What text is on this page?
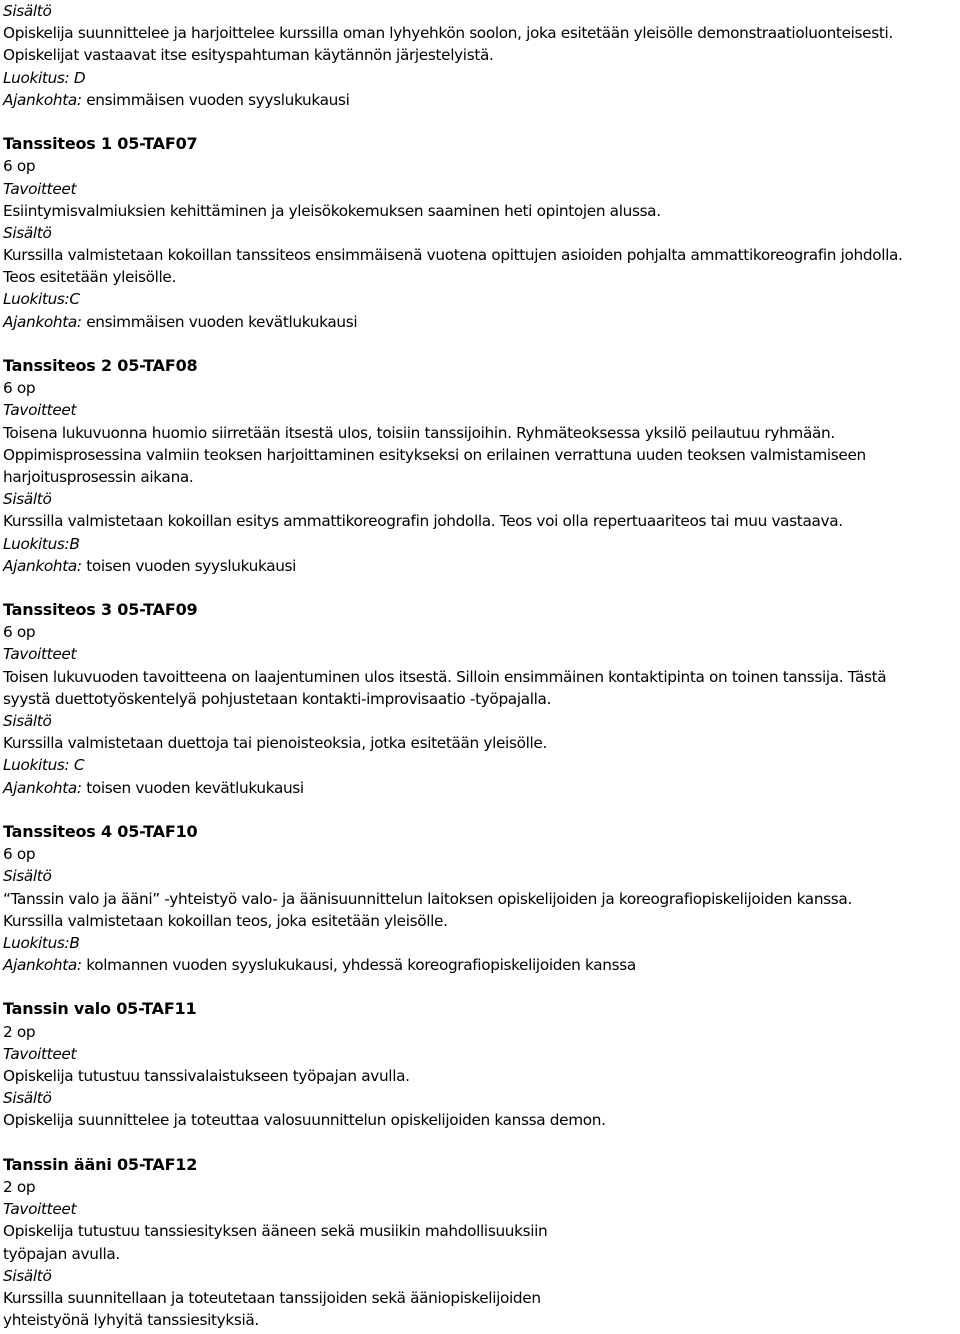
Sisältö
Opiskelija suunnittelee ja harjoittelee kurssilla oman lyhyehkön soolon, joka esitetään yleisölle demonstraatioluonteisesti.
Opiskelijat vastaavat itse esityspahtuman käytännön järjestelyistä.
Luokitus: D
Ajankohta: ensimmäisen vuoden syyslukukausi
Tanssiteos 1 05-TAF07
6 op
Tavoitteet
Esiintymisvalmiuksien kehittäminen ja yleisökokemuksen saaminen heti opintojen alussa.
Sisältö
Kurssilla valmistetaan kokoillan tanssiteos ensimmäisenä vuotena opittujen asioiden pohjalta ammattikoreografin johdolla.
Teos esitetään yleisölle.
Luokitus:C
Ajankohta: ensimmäisen vuoden kevätlukukausi
Tanssiteos 2 05-TAF08
6 op
Tavoitteet
Toisena lukuvuonna huomio siirretään itsestä ulos, toisiin tanssijoihin. Ryhmäteoksessa yksilö peilautuu ryhmään.
Oppimisprosessina valmiin teoksen harjoittaminen esitykseksi on erilainen verrattuna uuden teoksen valmistamiseen
harjoitusprosessin aikana.
Sisältö
Kurssilla valmistetaan kokoillan esitys ammattikoreografin johdolla. Teos voi olla repertuaariteos tai muu vastaava.
Luokitus:B
Ajankohta: toisen vuoden syyslukukausi
Tanssiteos 3 05-TAF09
6 op
Tavoitteet
Toisen lukuvuoden tavoitteena on laajentuminen ulos itsestä. Silloin ensimmäinen kontaktipinta on toinen tanssija. Tästä
syystä duettotyöskentelyä pohjustetaan kontakti-improvisaatio -työpajalla.
Sisältö
Kurssilla valmistetaan duettoja tai pienoisteoksia, jotka esitetään yleisölle.
Luokitus: C
Ajankohta: toisen vuoden kevätlukukausi
Tanssiteos 4 05-TAF10
6 op
Sisältö
“Tanssin valo ja ääni” -yhteistyö valo- ja äänisuunnittelun laitoksen opiskelijoiden ja koreografiopiskelijoiden kanssa.
Kurssilla valmistetaan kokoillan teos, joka esitetään yleisölle.
Luokitus:B
Ajankohta: kolmannen vuoden syyslukukausi, yhdessä koreografiopiskelijoiden kanssa
Tanssin valo 05-TAF11
2 op
Tavoitteet
Opiskelija tutustuu tanssivalaistukseen työpajan avulla.
Sisältö
Opiskelija suunnittelee ja toteuttaa valosuunnittelun opiskelijoiden kanssa demon.
Tanssin ääni 05-TAF12
2 op
Tavoitteet
Opiskelija tutustuu tanssiesityksen ääneen sekä musiikin mahdollisuuksiin
työpajan avulla.
Sisältö
Kurssilla suunnitellaan ja toteutetaan tanssijoiden sekä ääniopiskelijoiden
yhteistyönä lyhyitä tanssiesityksiä.
